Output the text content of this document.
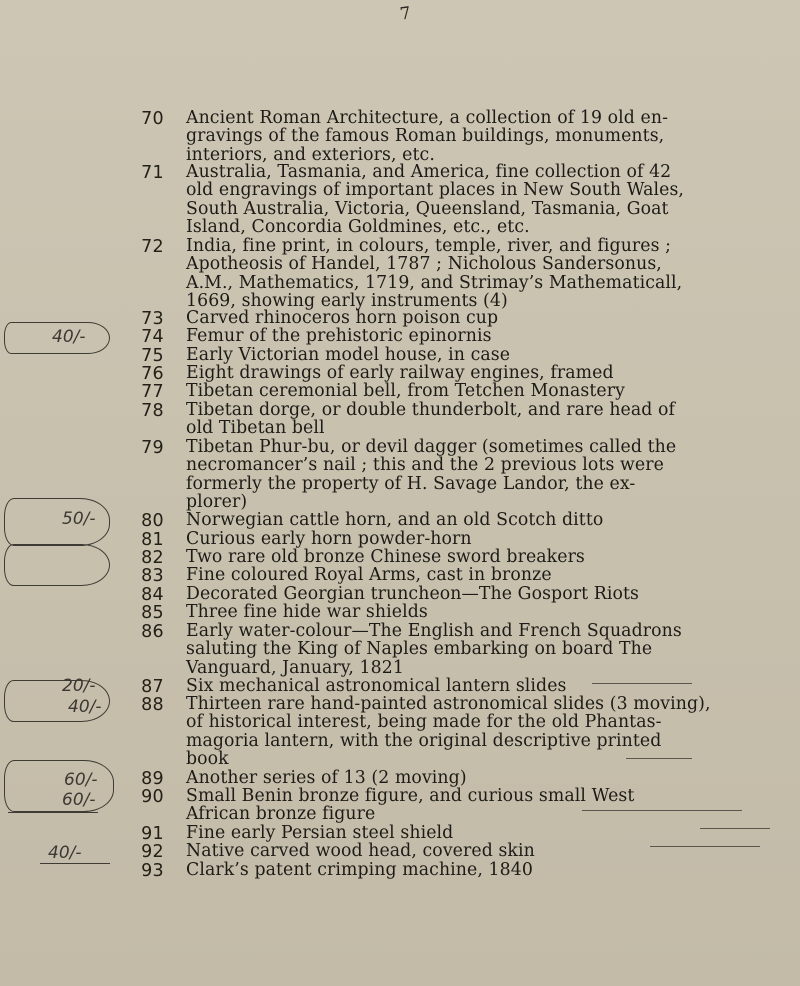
7
70
71
72
73
74
75
76
77
78
79
80
81
82
83
84
85
86
87
88
89
90
91
92
93
Ancient Roman Architecture, a collection of 19 old en-
gravings of the famous Roman buildings, monuments,
interiors, and exteriors, etc.
Australia, Tasmania, and America, fine collection of 42
old engravings of important places in New South Wales,
South Australia, Victoria, Queensland, Tasmania, Goat
Island, Concordia Goldmines, etc., etc.
India, fine print, in colours, temple, river, and figures ;
Apotheosis of Handel, 1787 ; Nicholous Sandersonus,
A.M., Mathematics, 1719, and Strimay’s Mathematicall,
1669, showing early instruments (4)
Carved rhinoceros horn poison cup
Femur of the prehistoric epinornis
Early Victorian model house, in case
Eight drawings of early railway engines, framed
Tibetan ceremonial bell, from Tetchen Monastery
Tibetan dorge, or double thunderbolt, and rare head of
old Tibetan bell
Tibetan Phur-bu, or devil dagger (sometimes called the
necromancer’s nail ; this and the 2 previous lots were
formerly the property of H. Savage Landor, the ex-
plorer)
Norwegian cattle horn, and an old Scotch ditto
Curious early horn powder-horn
Two rare old bronze Chinese sword breakers
Fine coloured Royal Arms, cast in bronze
Decorated Georgian truncheon—The Gosport Riots
Three fine hide war shields
Early water-colour—The English and French Squadrons
saluting the King of Naples embarking on board The
Vanguard, January, 1821
Six mechanical astronomical lantern slides
Thirteen rare hand-painted astronomical slides (3 moving),
of historical interest, being made for the old Phantas-
magoria lantern, with the original descriptive printed
book
Another series of 13 (2 moving)
Small Benin bronze figure, and curious small West
African bronze figure
Fine early Persian steel shield
Native carved wood head, covered skin
Clark’s patent crimping machine, 1840
40/-
50/-
20/-
40/-
60/-
60/-
40/-
